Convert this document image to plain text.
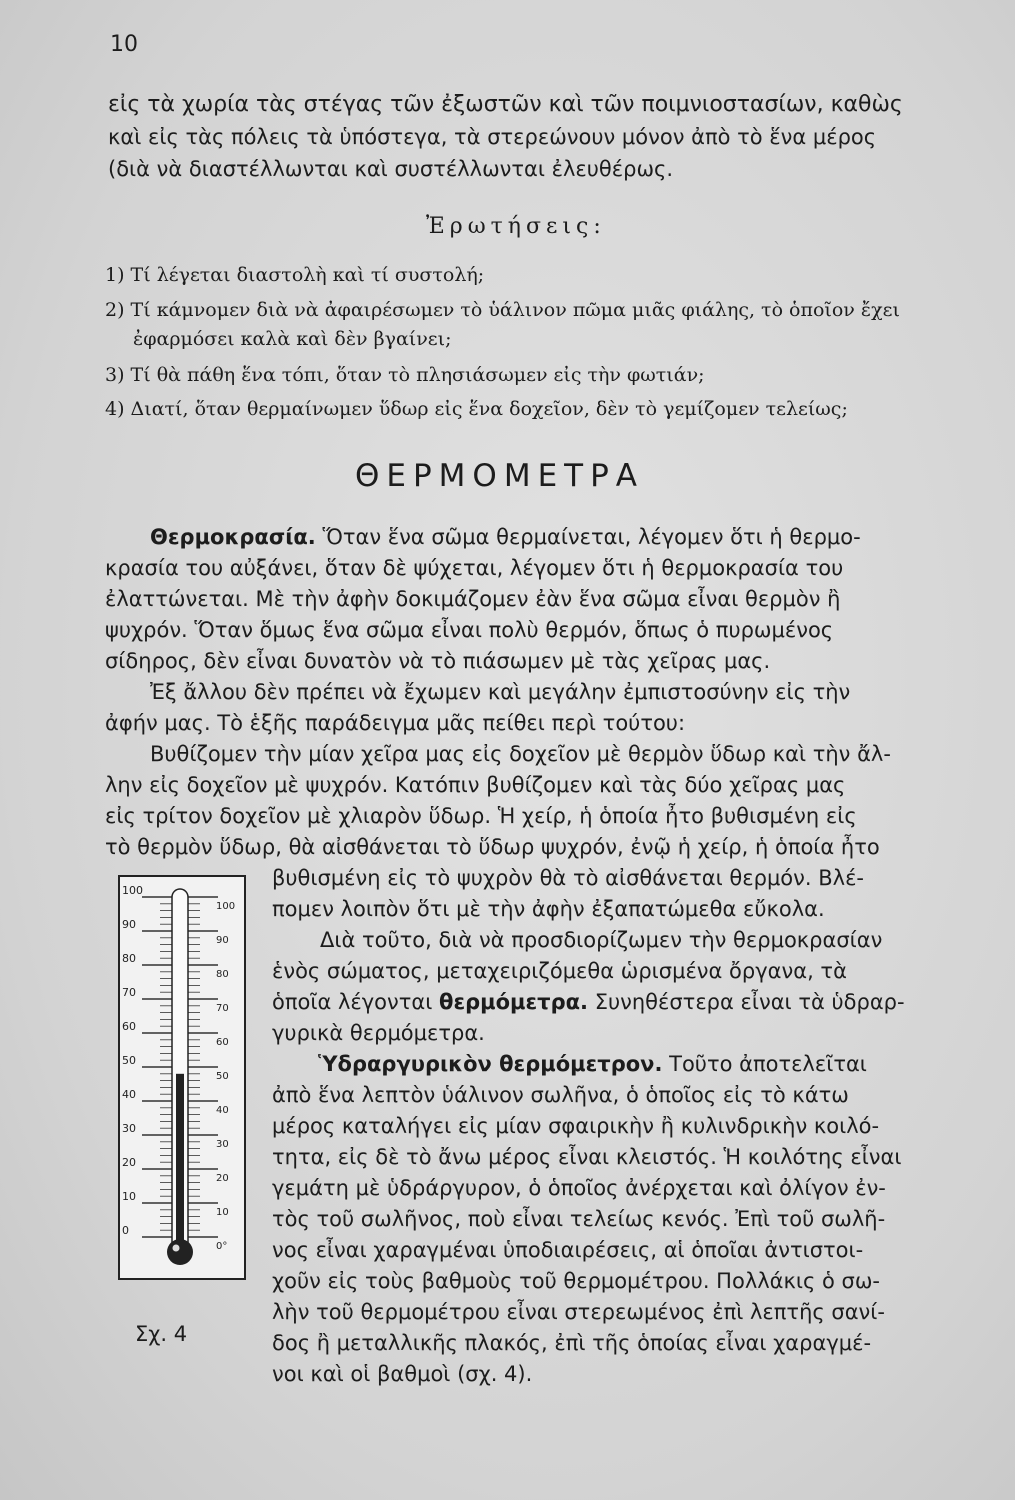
10
εἰς τὰ χωρία τὰς στέγας τῶν ἐξωστῶν καὶ τῶν ποιμνιοστασίων, καθὼς
καὶ εἰς τὰς πόλεις τὰ ὑπόστεγα, τὰ στερεώνουν μόνον ἀπὸ τὸ ἕνα μέρος
(διὰ νὰ διαστέλλωνται καὶ συστέλλωνται ἐλευθέρως.
Ἐρωτήσεις:
1) Τί λέγεται διαστολὴ καὶ τί συστολή;
2) Τί κάμνομεν διὰ νὰ ἀφαιρέσωμεν τὸ ὑάλινον πῶμα μιᾶς φιάλης, τὸ ὁποῖον ἔχει
ἐφαρμόσει καλὰ καὶ δὲν βγαίνει;
3) Τί θὰ πάθη ἕνα τόπι, ὅταν τὸ πλησιάσωμεν εἰς τὴν φωτιάν;
4) Διατί, ὅταν θερμαίνωμεν ὕδωρ εἰς ἕνα δοχεῖον, δὲν τὸ γεμίζομεν τελείως;
ΘΕΡΜΟΜΕΤΡΑ
Θερμοκρασία. Ὅταν ἕνα σῶμα θερμαίνεται, λέγομεν ὅτι ἡ θερμο-
κρασία του αὐξάνει, ὅταν δὲ ψύχεται, λέγομεν ὅτι ἡ θερμοκρασία του
ἐλαττώνεται. Μὲ τὴν ἀφὴν δοκιμάζομεν ἐὰν ἕνα σῶμα εἶναι θερμὸν ἢ
ψυχρόν. Ὅταν ὅμως ἕνα σῶμα εἶναι πολὺ θερμόν, ὅπως ὁ πυρωμένος
σίδηρος, δὲν εἶναι δυνατὸν νὰ τὸ πιάσωμεν μὲ τὰς χεῖρας μας.
Ἐξ ἄλλου δὲν πρέπει νὰ ἔχωμεν καὶ μεγάλην ἐμπιστοσύνην εἰς τὴν
ἀφήν μας. Τὸ ἑξῆς παράδειγμα μᾶς πείθει περὶ τούτου:
Βυθίζομεν τὴν μίαν χεῖρα μας εἰς δοχεῖον μὲ θερμὸν ὕδωρ καὶ τὴν ἄλ-
λην εἰς δοχεῖον μὲ ψυχρόν. Κατόπιν βυθίζομεν καὶ τὰς δύο χεῖρας μας
εἰς τρίτον δοχεῖον μὲ χλιαρὸν ὕδωρ. Ἡ χείρ, ἡ ὁποία ἦτο βυθισμένη εἰς
τὸ θερμὸν ὕδωρ, θὰ αἰσθάνεται τὸ ὕδωρ ψυχρόν, ἐνῷ ἡ χείρ, ἡ ὁποία ἦτο
βυθισμένη εἰς τὸ ψυχρὸν θὰ τὸ αἰσθάνεται θερμόν. Βλέ-
πομεν λοιπὸν ὅτι μὲ τὴν ἀφὴν ἐξαπατώμεθα εὔκολα.
Διὰ τοῦτο, διὰ νὰ προσδιορίζωμεν τὴν θερμοκρασίαν
ἑνὸς σώματος, μεταχειριζόμεθα ὡρισμένα ὄργανα, τὰ
ὁποῖα λέγονται θερμόμετρα. Συνηθέστερα εἶναι τὰ ὑδραρ-
γυρικὰ θερμόμετρα.
Ὑδραργυρικὸν θερμόμετρον. Τοῦτο ἀποτελεῖται
ἀπὸ ἕνα λεπτὸν ὑάλινον σωλῆνα, ὁ ὁποῖος εἰς τὸ κάτω
μέρος καταλήγει εἰς μίαν σφαιρικὴν ἢ κυλινδρικὴν κοιλό-
τητα, εἰς δὲ τὸ ἄνω μέρος εἶναι κλειστός. Ἡ κοιλότης εἶναι
γεμάτη μὲ ὑδράργυρον, ὁ ὁποῖος ἀνέρχεται καὶ ὀλίγον ἐν-
τὸς τοῦ σωλῆνος, ποὺ εἶναι τελείως κενός. Ἐπὶ τοῦ σωλῆ-
νος εἶναι χαραγμέναι ὑποδιαιρέσεις, αἱ ὁποῖαι ἀντιστοι-
χοῦν εἰς τοὺς βαθμοὺς τοῦ θερμομέτρου. Πολλάκις ὁ σω-
λὴν τοῦ θερμομέτρου εἶναι στερεωμένος ἐπὶ λεπτῆς σανί-
δος ἢ μεταλλικῆς πλακός, ἐπὶ τῆς ὁποίας εἶναι χαραγμέ-
νοι καὶ οἱ βαθμοὶ (σχ. 4).
100
100
90
90
80
80
70
70
60
60
50
50
40
40
30
30
20
20
10
10
0
0°
Σχ. 4
